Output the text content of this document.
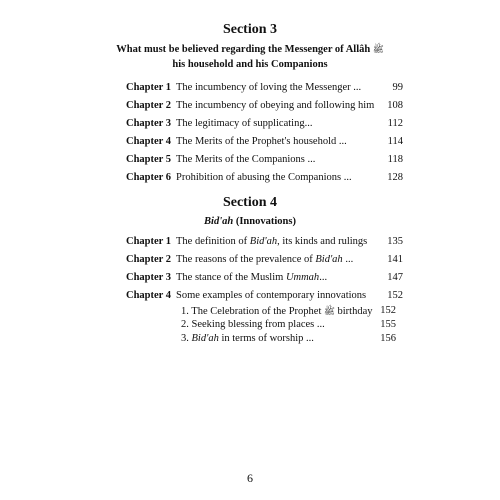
Section 3
What must be believed regarding the Messenger of Allâh ﷺ
his household and his Companions
Chapter 1 The incumbency of loving the Messenger ...	99
Chapter 2 The incumbency of obeying and following him 108
Chapter 3 The legitimacy of supplicating...	112
Chapter 4 The Merits of the Prophet's household ...	114
Chapter 5 The Merits of the Companions ...	118
Chapter 6 Prohibition of abusing the Companions ...	128
Section 4
Bid'ah (Innovations)
Chapter 1 The definition of Bid'ah, its kinds and rulings 135
Chapter 2 The reasons of the prevalence of Bid'ah ...	141
Chapter 3 The stance of the Muslim Ummah...	147
Chapter 4 Some examples of contemporary innovations 152
1. The Celebration of the Prophet ﷺ birthday 152
2. Seeking blessing from places ...	155
3. Bid'ah in terms of worship ...	156
6
